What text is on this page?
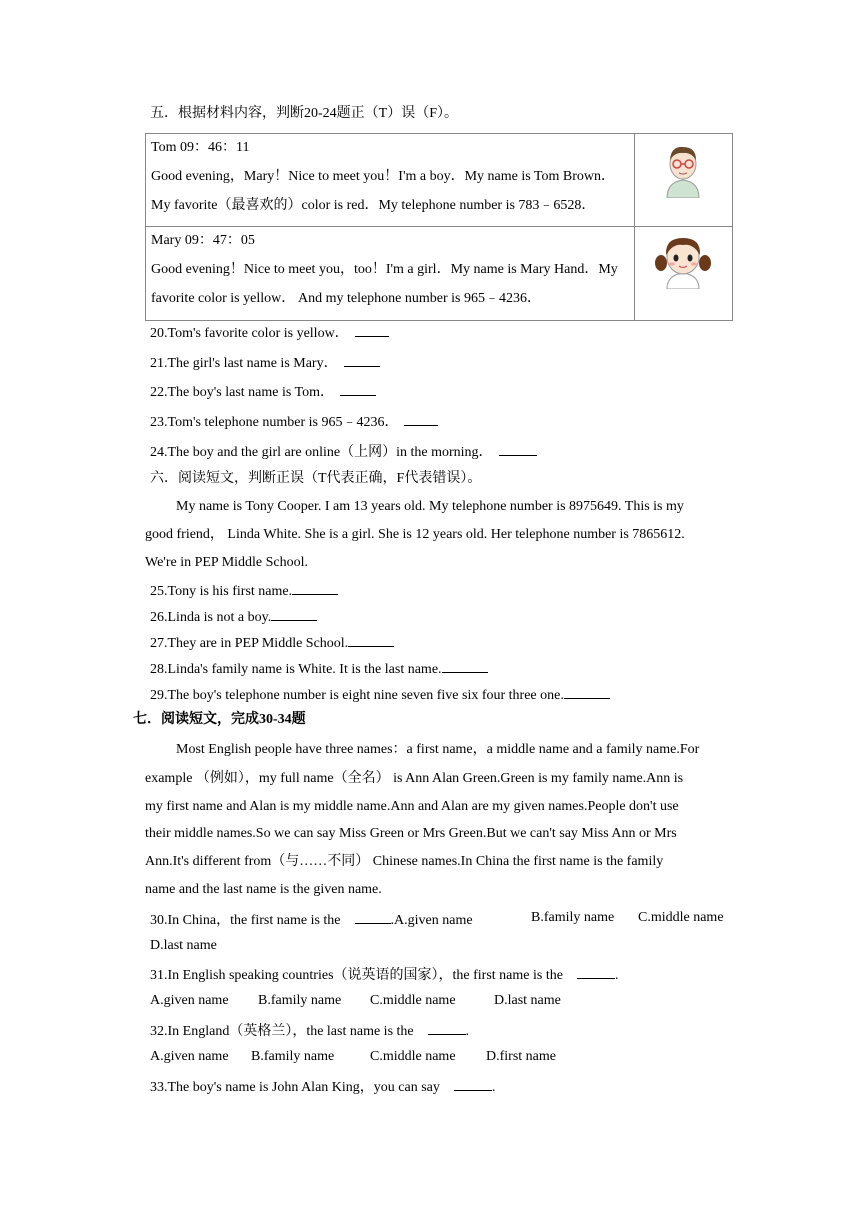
五．根据材料内容，判断20-24题正（T）误（F）。
Tom 09：46：11
Good evening，Mary！Nice to meet you！I'm a boy．My name is Tom Brown．
My favorite（最喜欢的）color is red．My telephone number is 783﹣6528．

Mary 09：47：05
Good evening！Nice to meet you，too！I'm a girl．My name is Mary Hand．My
favorite color is yellow． And my telephone number is 965﹣4236．

20.Tom's favorite color is yellow．
21.The girl's last name is Mary．
22.The boy's last name is Tom．
23.Tom's telephone number is 965﹣4236．
24.The boy and the girl are online（上网）in the morning．
六．阅读短文，判断正误（T代表正确，F代表错误）。
My name is Tony Cooper. I am 13 years old. My telephone number is 8975649. This is my
good friend， Linda White. She is a girl. She is 12 years old. Her telephone number is 7865612.
We're in PEP Middle School.
25.Tony is his first name.
26.Linda is not a boy.
27.They are in PEP Middle School.
28.Linda's family name is White. It is the last name.
29.The boy's telephone number is eight nine seven five six four three one.
七．阅读短文，完成30-34题
Most English people have three names：a first name，a middle name and a family name.For
example （例如），my full name（全名） is Ann Alan Green.Green is my family name.Ann is
my first name and Alan is my middle name.Ann and Alan are my given names.People don't use
their middle names.So we can say Miss Green or Mrs Green.But we can't say Miss Ann or Mrs
Ann.It's different from（与……不同） Chinese names.In China the first name is the family
name and the last name is the given name.
30.In China，the first name is the	.A.given name	B.family name C.middle name
D.last name
31.In English speaking countries（说英语的国家），the first name is the	.
A.given name B.family name C.middle name	D.last name
32.In England（英格兰），the last name is the	.
A.given name B.family name	C.middle name D.first name
33.The boy's name is John Alan King，you can say	.
